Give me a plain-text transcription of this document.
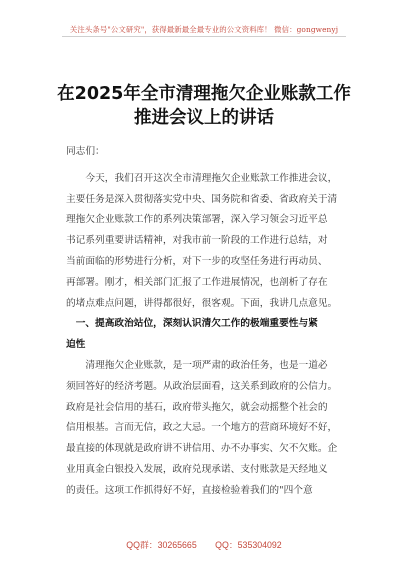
关注头条号"公文研究"，获得最新最全最专业的公文资料库！ 微信：gongwenyj
在2025年全市清理拖欠企业账款工作
推进会议上的讲话
同志们：
今天，我们召开这次全市清理拖欠企业账款工作推进会议，
主要任务是深入贯彻落实党中央、国务院和省委、省政府关于清
理拖欠企业账款工作的系列决策部署，深入学习领会习近平总
书记系列重要讲话精神，对我市前一阶段的工作进行总结，对
当前面临的形势进行分析，对下一步的攻坚任务进行再动员、
再部署。刚才，相关部门汇报了工作进展情况，也剖析了存在
的堵点难点问题，讲得都很好，很客观。下面，我讲几点意见。
一、提高政治站位，深刻认识清欠工作的极端重要性与紧
迫性
清理拖欠企业账款，是一项严肃的政治任务，也是一道必
须回答好的经济考题。从政治层面看，这关系到政府的公信力。
政府是社会信用的基石，政府带头拖欠，就会动摇整个社会的
信用根基。言而无信，政之大忌。一个地方的营商环境好不好，
最直接的体现就是政府讲不讲信用、办不办事实、欠不欠账。企
业用真金白银投入发展，政府兑现承诺、支付账款是天经地义
的责任。这项工作抓得好不好，直接检验着我们的"四个意
QQ群：30265665 QQ：535304092
